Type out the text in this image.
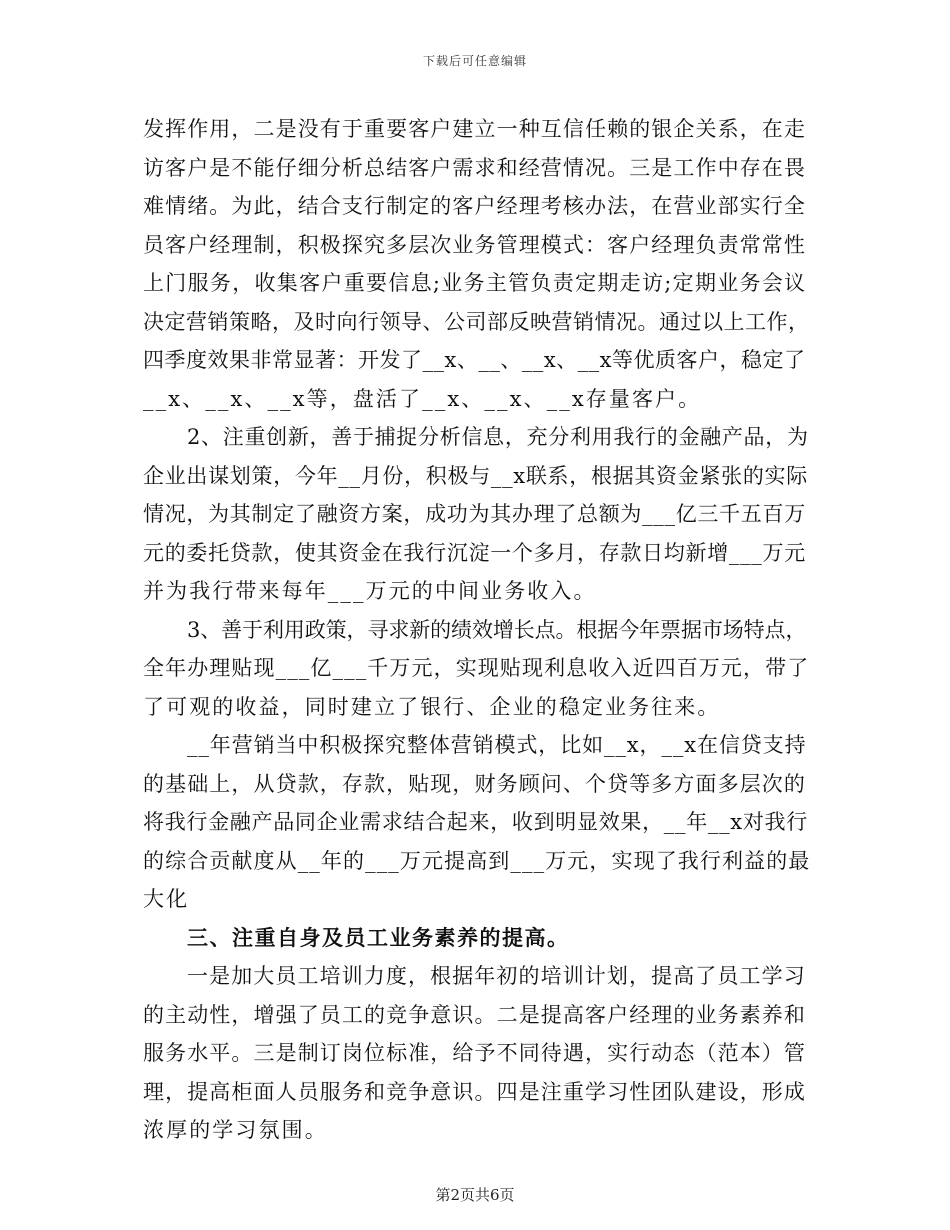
下载后可任意编辑
发挥作用，二是没有于重要客户建立一种互信任赖的银企关系，在走
访客户是不能仔细分析总结客户需求和经营情况。三是工作中存在畏
难情绪。为此，结合支行制定的客户经理考核办法，在营业部实行全
员客户经理制，积极探究多层次业务管理模式：客户经理负责常常性
上门服务，收集客户重要信息;业务主管负责定期走访;定期业务会议
决定营销策略，及时向行领导、公司部反映营销情况。通过以上工作，
四季度效果非常显著：开发了__x、__、__x、__x等优质客户，稳定了
__x、__x、__x等，盘活了__x、__x、__x存量客户。
2、注重创新，善于捕捉分析信息，充分利用我行的金融产品，为
企业出谋划策，今年__月份，积极与__x联系，根据其资金紧张的实际
情况，为其制定了融资方案，成功为其办理了总额为___亿三千五百万
元的委托贷款，使其资金在我行沉淀一个多月，存款日均新增___万元
并为我行带来每年___万元的中间业务收入。
3、善于利用政策，寻求新的绩效增长点。根据今年票据市场特点，
全年办理贴现___亿___千万元，实现贴现利息收入近四百万元，带了
了可观的收益，同时建立了银行、企业的稳定业务往来。
__年营销当中积极探究整体营销模式，比如__x，__x在信贷支持
的基础上，从贷款，存款，贴现，财务顾问、个贷等多方面多层次的
将我行金融产品同企业需求结合起来，收到明显效果，__年__x对我行
的综合贡献度从__年的___万元提高到___万元，实现了我行利益的最
大化
三、注重自身及员工业务素养的提高。
一是加大员工培训力度，根据年初的培训计划，提高了员工学习
的主动性，增强了员工的竞争意识。二是提高客户经理的业务素养和
服务水平。三是制订岗位标准，给予不同待遇，实行动态（范本）管
理，提高柜面人员服务和竞争意识。四是注重学习性团队建设，形成
浓厚的学习氛围。
第2页共6页
